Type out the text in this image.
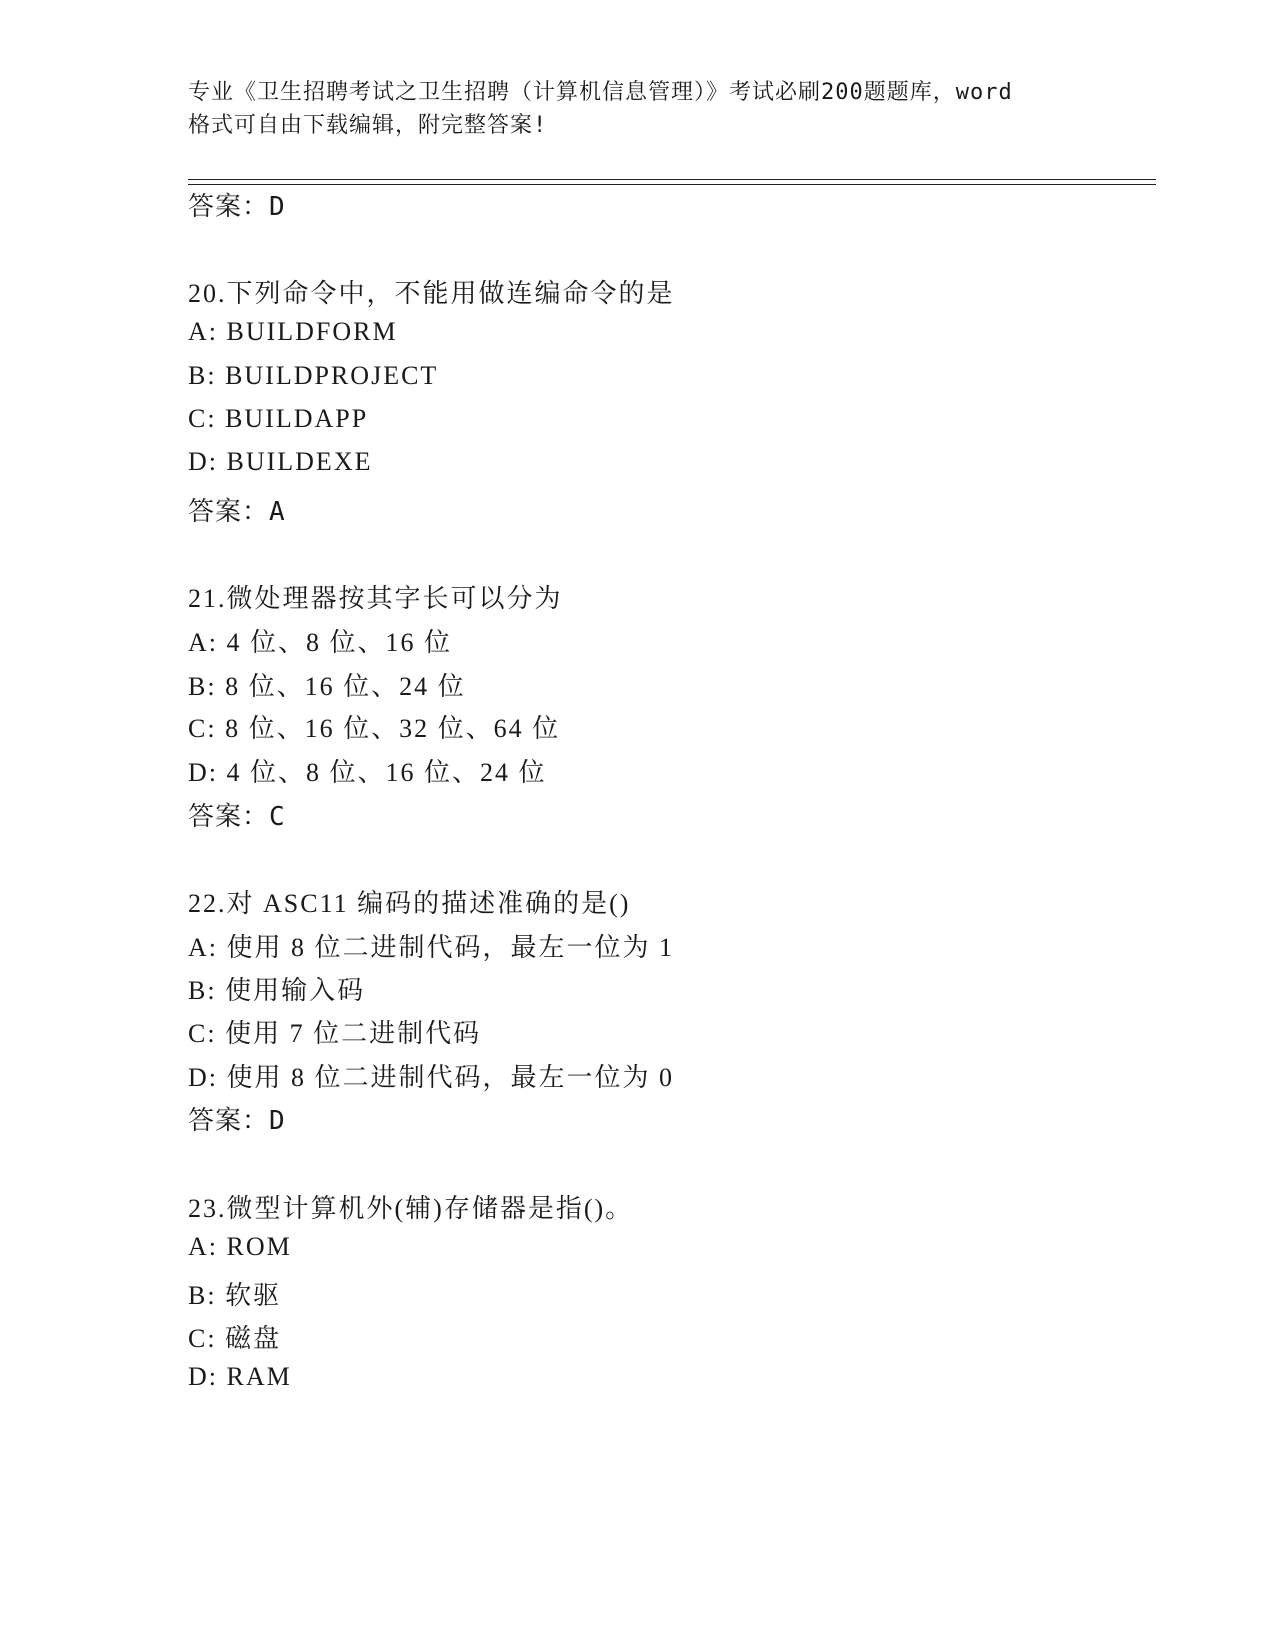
专业《卫生招聘考试之卫生招聘（计算机信息管理）》考试必刷200题题库，word
格式可自由下载编辑，附完整答案!
答案：D
20.下列命令中，不能用做连编命令的是
A: BUILDFORM
B: BUILDPROJECT
C: BUILDAPP
D: BUILDEXE
答案：A
21.微处理器按其字长可以分为
A: 4 位、8 位、16 位
B: 8 位、16 位、24 位
C: 8 位、16 位、32 位、64 位
D: 4 位、8 位、16 位、24 位
答案：C
22.对 ASC11 编码的描述准确的是()
A: 使用 8 位二进制代码，最左一位为 1
B: 使用输入码
C: 使用 7 位二进制代码
D: 使用 8 位二进制代码，最左一位为 0
答案：D
23.微型计算机外(辅)存储器是指()。
A: ROM
B: 软驱
C: 磁盘
D: RAM
